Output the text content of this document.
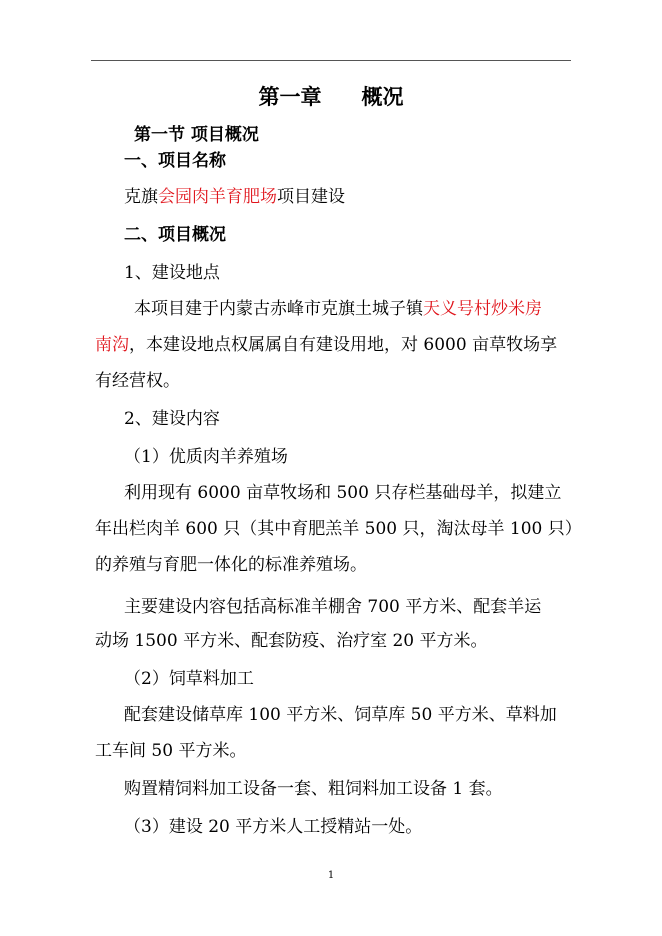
第一章 概况
第一节 项目概况
一、项目名称
克旗会园肉羊育肥场项目建设
二、项目概况
1、建设地点
本项目建于内蒙古赤峰市克旗土城子镇天义号村炒米房
南沟，本建设地点权属属自有建设用地，对 6000 亩草牧场享
有经营权。
2、建设内容
（1）优质肉羊养殖场
利用现有 6000 亩草牧场和 500 只存栏基础母羊，拟建立
年出栏肉羊 600 只（其中育肥羔羊 500 只，淘汰母羊 100 只）
的养殖与育肥一体化的标准养殖场。
主要建设内容包括高标准羊棚舍 700 平方米、配套羊运
动场 1500 平方米、配套防疫、治疗室 20 平方米。
（2）饲草料加工
配套建设储草库 100 平方米、饲草库 50 平方米、草料加
工车间 50 平方米。
购置精饲料加工设备一套、粗饲料加工设备 1 套。
（3）建设 20 平方米人工授精站一处。
1
